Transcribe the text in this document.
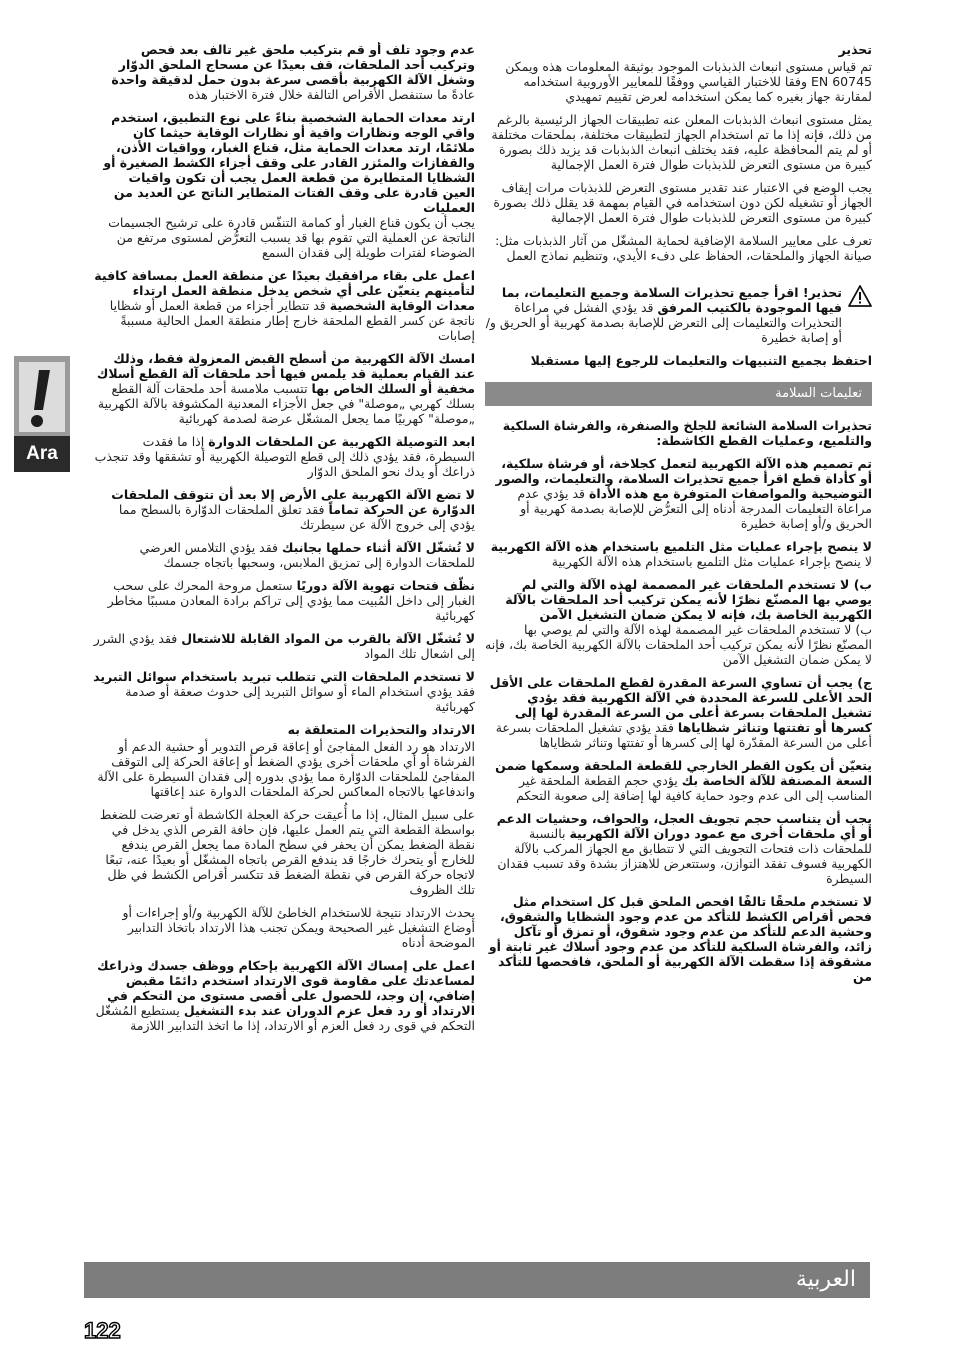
Ara
تحذير
تم قياس مستوى انبعاث الذبذبات الموجود بوثيقة المعلومات هذه ويمكن EN 60745 وفقا للاختبار القياسي ووفقًا للمعايير الأوروبية استخدامه لمقارنة جهاز بغيره كما يمكن استخدامه لعرض تقييم تمهيدي
يمثل مستوى انبعاث الذبذبات المعلن عنه تطبيقات الجهاز الرئيسية بالرغم من ذلك، فإنه إذا ما تم استخدام الجهاز لتطبيقات مختلفة، بملحقات مختلفة أو لم يتم المحافظة عليه، فقد يختلف انبعاث الذبذبات قد يزيد ذلك بصورة كبيرة من مستوى التعرض للذبذبات طوال فترة العمل الإجمالية
يجب الوضع في الاعتبار عند تقدير مستوى التعرض للذبذبات مرات إيقاف الجهاز أو تشغيله لكن دون استخدامه في القيام بمهمة قد يقلل ذلك بصورة كبيرة من مستوى التعرض للذبذبات طوال فترة العمل الإجمالية
تعرف على معايير السلامة الإضافية لحماية المشغّل من آثار الذبذبات مثل: صيانة الجهاز والملحقات، الحفاظ على دفء الأيدي، وتنظيم نماذج العمل
تحذير! اقرأ جميع تحذيرات السلامة وجميع التعليمات، بما فيها الموجودة بالكتيب المرفق قد يؤدي الفشل في مراعاة التحذيرات والتعليمات إلى التعرض للإصابة بصدمة كهربية أو الحريق و/أو إصابة خطيرة
احتفظ بجميع التنبيهات والتعليمات للرجوع إليها مستقبلا
تعليمات السلامة
تحذيرات السلامة الشائعة للجلخ والصنفرة، والفرشاة السلكية والتلميع، وعمليات القطع الكاشطة:
تم تصميم هذه الآلة الكهربية لتعمل كجلاخة، أو فرشاة سلكية، أو كأداة قطع اقرأ جميع تحذيرات السلامة، والتعليمات، والصور التوضيحية والمواصفات المتوفرة مع هذه الأداة قد يؤدي عدم مراعاة التعليمات المدرجة أدناه إلى التعرُّض للإصابة بصدمة كهربية أو الحريق و/أو إصابة خطيرة
لا ينصح بإجراء عمليات مثل التلميع باستخدام هذه الآلة الكهربية
لا ينصح بإجراء عمليات مثل التلميع باستخدام هذه الآلة الكهربية
ب) لا تستخدم الملحقات غير المصممة لهذه الآلة والتي لم يوصي بها المصنّع نظرًا لأنه يمكن تركيب أحد الملحقات بالآلة الكهربية الخاصة بك، فإنه لا يمكن ضمان التشغيل الآمن
ب) لا تستخدم الملحقات غير المصممة لهذه الآلة والتي لم يوصي بها المصنّع نظرًا لأنه يمكن تركيب أحد الملحقات بالآلة الكهربية الخاصة بك، فإنه لا يمكن ضمان التشغيل الآمن
ج) يجب أن تساوي السرعة المقدرة لقطع الملحقات على الأقل الحد الأعلى للسرعة المحددة في الآلة الكهربية فقد يؤدي تشغيل الملحقات بسرعة أعلى من السرعة المقدرة لها إلى كسرها أو تفتتها وتناثر شظاياها فقد يؤدي تشغيل الملحقات بسرعة أعلى من السرعة المقدّرة لها إلى كسرها أو تفتتها وتناثر شظاياها
يتعيّن أن يكون القطر الخارجي للقطعة الملحقة وسمكها ضمن السعة المصنفة للآلة الخاصة بك يؤدي حجم القطعة الملحقة غير المناسب إلى الى عدم وجود حماية كافية لها إضافة إلى صعوبة التحكم
يجب أن يتناسب حجم تجويف العجل، والحواف، وحشيات الدعم أو أي ملحقات أخرى مع عمود دوران الآلة الكهربية بالنسبة للملحقات ذات فتحات التجويف التي لا تتطابق مع الجهاز المركب بالآلة الكهربية فسوف تفقد التوازن، وستتعرض للاهتزاز بشدة وقد تسبب فقدان السيطرة
لا تستخدم ملحقًا تالفًا افحص الملحق قبل كل استخدام مثل فحص أقراص الكشط للتأكد من عدم وجود الشظايا والشقوق، وحشية الدعم للتأكد من عدم وجود شقوق، أو تمزق أو تآكل زائد، والفرشاة السلكية للتأكد من عدم وجود أسلاك غير ثابتة أو مشقوقة إذا سقطت الآلة الكهربية أو الملحق، فافحصها للتأكد من
عدم وجود تلف أو قم بتركيب ملحق غير تالف بعد فحص وتركيب أحد الملحقات، قف بعيدًا عن مسحاج الملحق الدوّار وشغل الآلة الكهربية بأقصى سرعة بدون حمل لدقيقة واحدة عادةً ما ستنفصل الأقراص التالفة خلال فترة الاختبار هذه
ارتد معدات الحماية الشخصية بناءً على نوع التطبيق، استخدم واقي الوجه ونظارات واقية أو نظارات الوقاية حيثما كان ملائمًا، ارتد معدات الحماية مثل، قناع الغبار، وواقيات الأذن، والقفازات والمئزر القادر على وقف أجزاء الكشط الصغيرة أو الشظايا المتطايرة من قطعة العمل يجب أن تكون واقيات العين قادرة على وقف الفتات المتطاير الناتج عن العديد من العمليات
يجب أن يكون قناع الغبار أو كمامة التنفّس قادرة على ترشيح الجسيمات الناتجة عن العملية التي تقوم بها قد يسبب التعرُّض لمستوى مرتفع من الضوضاء لفترات طويلة إلى فقدان السمع
اعمل على بقاء مرافقيك بعيدًا عن منطقة العمل بمسافة كافية لتأمينهم يتعيّن على أي شخص يدخل منطقة العمل ارتداء معدات الوقاية الشخصية قد تتطاير أجزاء من قطعة العمل أو شظايا ناتجة عن كسر القطع الملحقة خارج إطار منطقة العمل الحالية مسببةً إصابات
امسك الآلة الكهربية من أسطح القبض المعزولة فقط، وذلك عند القيام بعملية قد يلمس فيها أحد ملحقات آلة القطع أسلاك مخفية أو السلك الخاص بها تتسبب ملامسة أحد ملحقات آلة القطع بسلك كهربي „موصلة" في جعل الأجزاء المعدنية المكشوفة بالآلة الكهربية „موصلة" كهربيًا مما يجعل المشغّل عرضة لصدمة كهربائية
ابعد التوصيلة الكهربية عن الملحقات الدوارة إذا ما فقدت السيطرة، فقد يؤدي ذلك إلى قطع التوصيلة الكهربية أو تشققها وقد تنجذب ذراعك أو يدك نحو الملحق الدوّار
لا تضع الآلة الكهربية على الأرض إلا بعد أن تتوقف الملحقات الدوّارة عن الحركة تماماً فقد تعلق الملحقات الدوّارة بالسطح مما يؤدي إلى خروج الآلة عن سيطرتك
لا تُشغّل الآلة أثناء حملها بجانبك فقد يؤدي التلامس العرضي للملحقات الدوارة إلى تمزيق الملابس، وسحبها باتجاه جسمك
نظّف فتحات تهوية الآلة دوريًا ستعمل مروحة المحرك على سحب الغبار إلى داخل المُبيت مما يؤدي إلى تراكم برادة المعادن مسببًا مخاطر كهربائية
لا تُشغّل الآلة بالقرب من المواد القابلة للاشتعال فقد يؤدي الشرر إلى اشعال تلك المواد
لا تستخدم الملحقات التي تتطلب تبريد باستخدام سوائل التبريد
فقد يؤدي استخدام الماء أو سوائل التبريد إلى حدوث صعقة أو صدمة كهربائية
الارتداد والتحذيرات المتعلقة به
الارتداد هو رد الفعل المفاجئ أو إعاقة قرص التدوير أو حشية الدعم أو الفرشاة أو أي ملحقات أخرى يؤدي الضغط أو إعاقة الحركة إلى التوقف المفاجئ للملحقات الدوّارة مما يؤدي بدوره إلى فقدان السيطرة على الآلة واندفاعها بالاتجاه المعاكس لحركة الملحقات الدوارة عند إعاقتها
على سبيل المثال، إذا ما أُعيقت حركة العجلة الكاشطة أو تعرضت للضغط بواسطة القطعة التي يتم العمل عليها، فإن حافة القرص الذي يدخل في نقطة الضغط يمكن أن يحفر في سطح المادة مما يجعل القرص يندفع للخارج أو يتحرك خارجًا قد يندفع القرص باتجاه المشغّل أو بعيدًا عنه، تبعًا لاتجاه حركة القرص في نقطة الضغط قد تتكسر أقراص الكشط في ظل تلك الظروف
يحدث الارتداد نتيجة للاستخدام الخاطئ للآلة الكهربية و/أو إجراءات أو أوضاع التشغيل غير الصحيحة ويمكن تجنب هذا الارتداد باتخاذ التدابير الموضحة أدناه
اعمل على إمساك الآلة الكهربية بإحكام ووظف جسدك وذراعك لمساعدتك على مقاومة قوى الارتداد استخدم دائمًا مقبض إضافي، إن وجد، للحصول على أقصى مستوى من التحكم في الارتداد أو رد فعل عزم الدوران عند بدء التشغيل يستطيع المُشغّل التحكم في قوى رد فعل العزم أو الارتداد، إذا ما اتخذ التدابير اللازمة
العربية
122
